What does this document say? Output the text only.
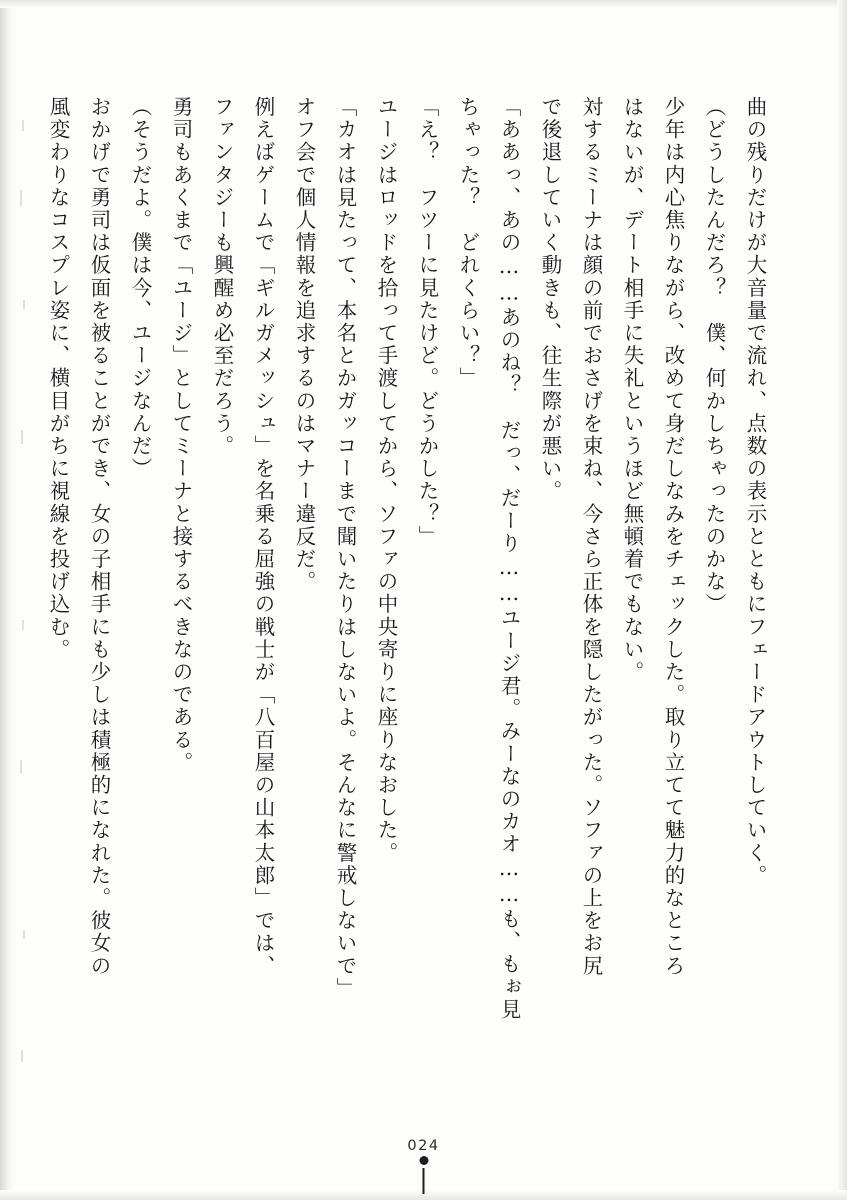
曲の残りだけが大音量で流れ、点数の表示とともにフェードアウトしていく。

（どうしたんだろ？　僕、何かしちゃったのかな）

少年は内心焦りながら、改めて身だしなみをチェックした。取り立てて魅力的なところ

はないが、デート相手に失礼というほど無頓着でもない。

対するミーナは顔の前でおさげを束ね、今さら正体を隠したがった。ソファの上をお尻

で後退していく動きも、往生際が悪い。

「ああっ、あの……あのね？　だっ、だーり……ユージ君。みーなのカオ……も、もぉ見

ちゃった？　どれくらい？」

「え？　フツーに見たけど。どうかした？」

ユージはロッドを拾って手渡してから、ソファの中央寄りに座りなおした。

「カオは見たって、本名とかガッコーまで聞いたりはしないよ。そんなに警戒しないで」

オフ会で個人情報を追求するのはマナー違反だ。

例えばゲームで「ギルガメッシュ」を名乗る屈強の戦士が「八百屋の山本太郎」では、

ファンタジーも興醒め必至だろう。

勇司もあくまで「ユージ」としてミーナと接するべきなのである。

（そうだよ。僕は今、ユージなんだ）

おかげで勇司は仮面を被ることができ、女の子相手にも少しは積極的になれた。彼女の

風変わりなコスプレ姿に、横目がちに視線を投げ込む。

024
